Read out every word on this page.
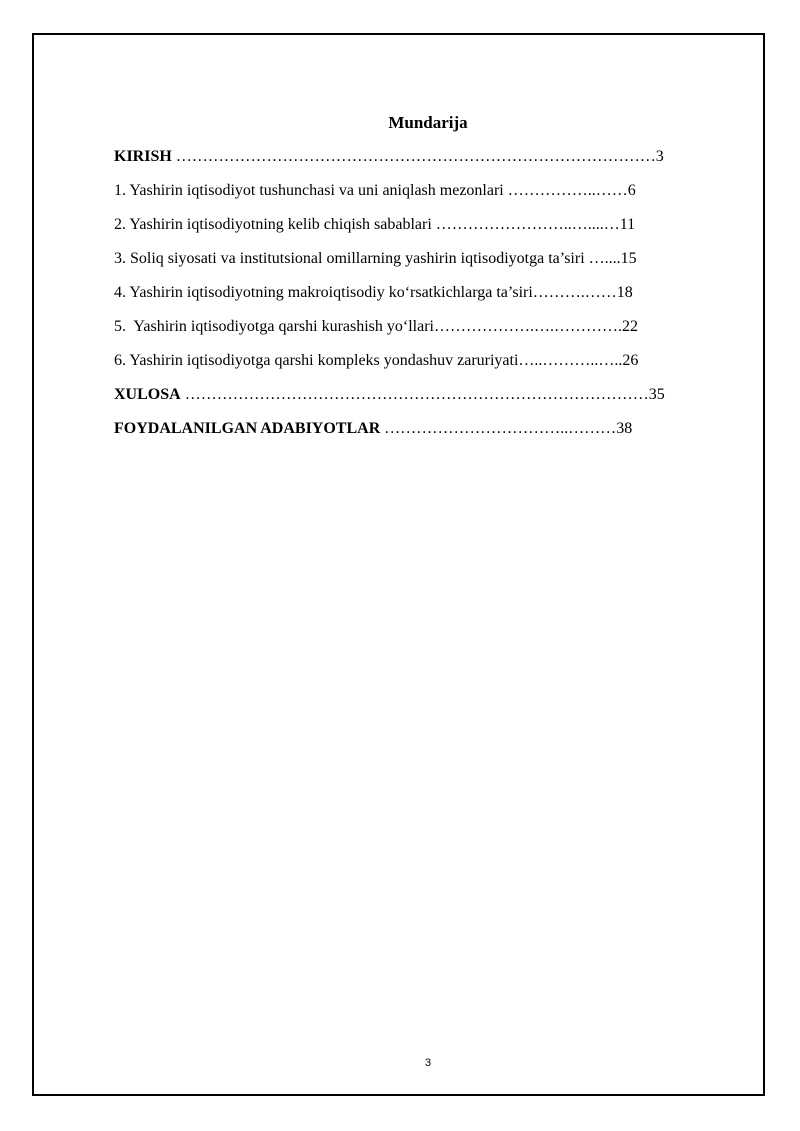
Mundarija
KIRISH ………………………………………………………………………………3
1. Yashirin iqtisodiyot tushunchasi va uni aniqlash mezonlari ……………..……6
2. Yashirin iqtisodiyotning kelib chiqish sabablari ……………………..…....…11
3. Soliq siyosati va institutsional omillarning yashirin iqtisodiyotga ta’siri …....15
4. Yashirin iqtisodiyotning makroiqtisodiy ko‘rsatkichlarga ta’siri……….……18
5.  Yashirin iqtisodiyotga qarshi kurashish yo‘llari……………….….………….22
6. Yashirin iqtisodiyotga qarshi kompleks yondashuv zaruriyati…..………..…..26
XULOSA ……………………………………………………………………………35
FOYDALANILGAN ADABIYOTLAR ……………………………..………38
3
